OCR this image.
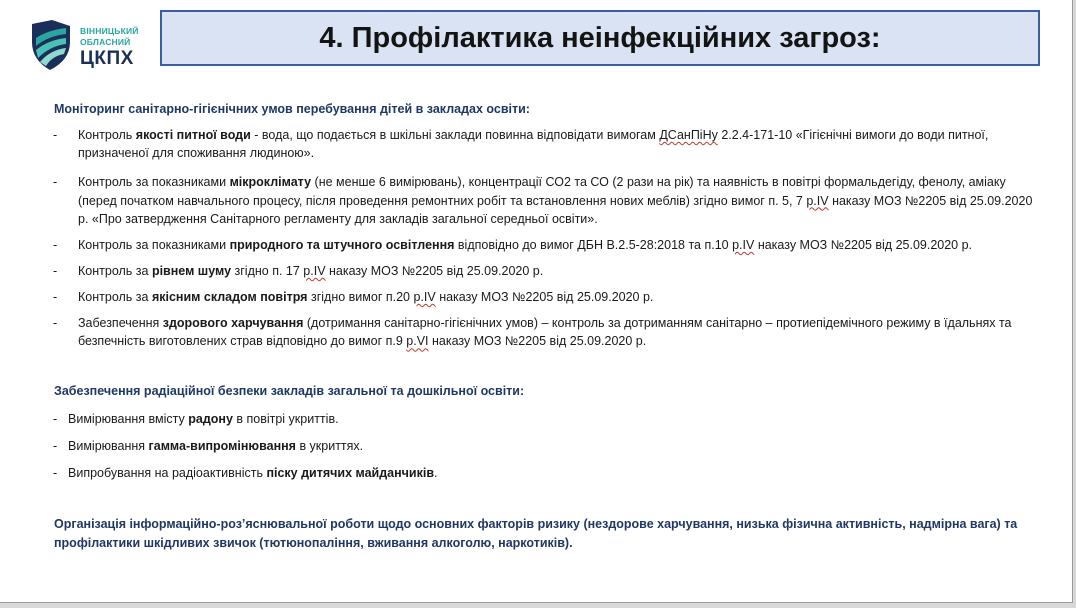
ВІННИЦЬКИЙ
ОБЛАСНИЙ
ЦКПХ
4. Профілактика неінфекційних загроз:

Моніторинг санітарно-гігієнічних умов перебування дітей в закладах освіти:

- Контроль якості питної води - вода, що подається в шкільні заклади повинна відповідати вимогам ДСанПіНу 2.2.4-171-10 «Гігієнічні вимоги до води питної, призначеної для споживання людиною».
- Контроль за показниками мікроклімату (не менше 6 вимірювань), концентрації СО2 та СО (2 рази на рік) та наявність в повітрі формальдегіду, фенолу, аміаку (перед початком навчального процесу, після проведення ремонтних робіт та встановлення нових меблів) згідно вимог п. 5, 7 р.IV наказу МОЗ №2205 від 25.09.2020 р. «Про затвердження Санітарного регламенту для закладів загальної середньої освіти».
- Контроль за показниками природного та штучного освітлення відповідно до вимог ДБН В.2.5-28:2018 та п.10 р.IV наказу МОЗ №2205 від 25.09.2020 р.
- Контроль за рівнем шуму згідно п. 17 р.IV наказу МОЗ №2205 від 25.09.2020 р.
- Контроль за якісним складом повітря згідно вимог п.20 р.IV наказу МОЗ №2205 від 25.09.2020 р.
- Забезпечення здорового харчування (дотримання санітарно-гігієнічних умов) – контроль за дотриманням санітарно – протиепідемічного режиму в їдальнях та безпечність виготовлених страв відповідно до вимог п.9 р.VI наказу МОЗ №2205 від 25.09.2020 р.

Забезпечення радіаційної безпеки закладів загальної та дошкільної освіти:

- Вимірювання вмісту радону в повітрі укриттів.
- Вимірювання гамма-випромінювання в укриттях.
- Випробування на радіоактивність піску дитячих майданчиків.

Організація інформаційно-роз’яснювальної роботи щодо основних факторів ризику (нездорове харчування, низька фізична активність, надмірна вага) та профілактики шкідливих звичок (тютюнопаління, вживання алкоголю, наркотиків).
